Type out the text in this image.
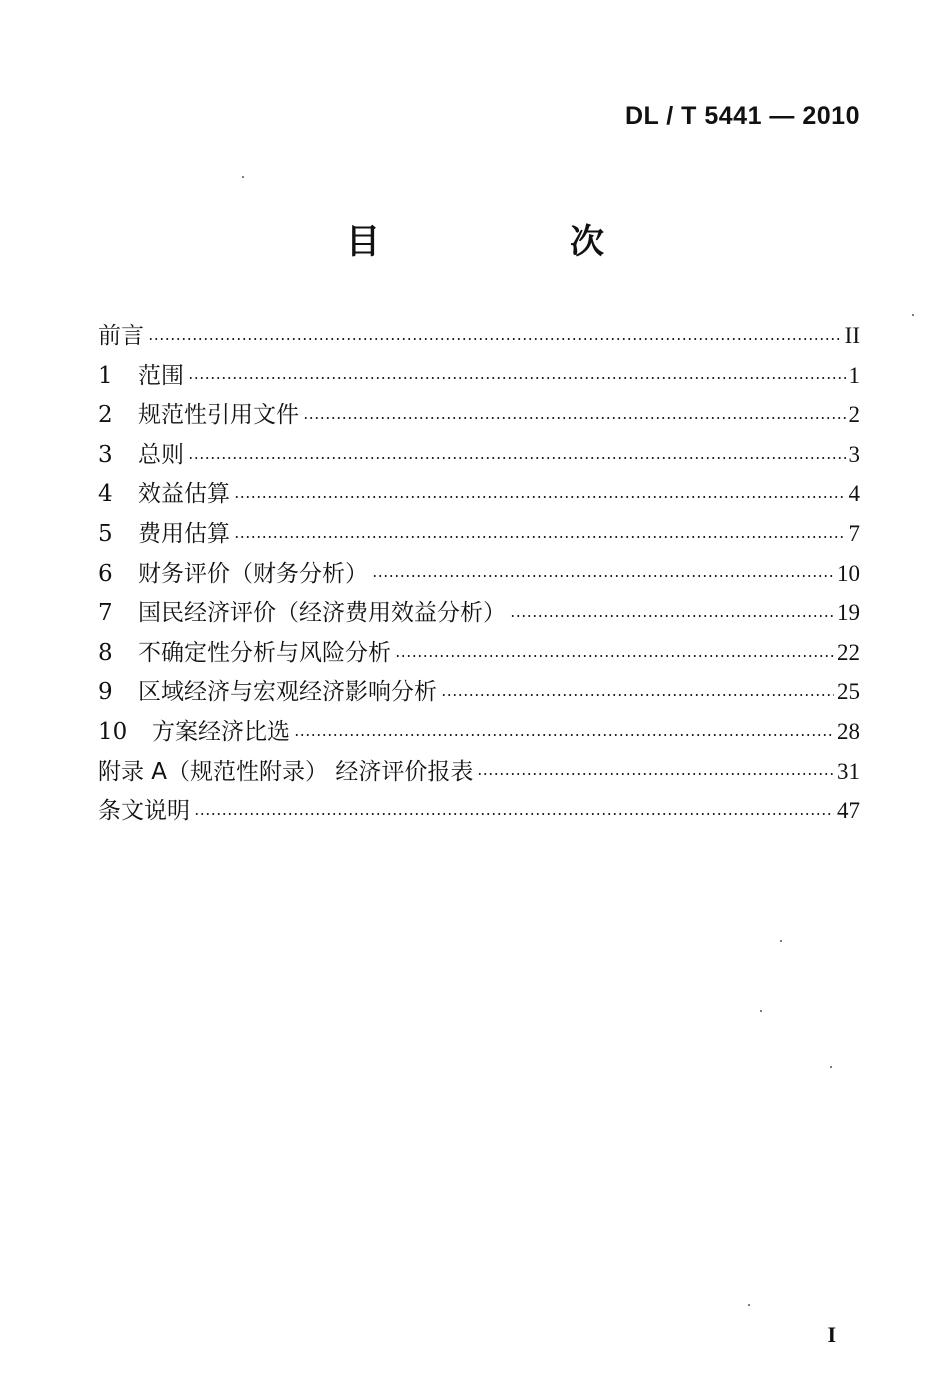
DL / T 5441 — 2010
目　次
前言	II
1	范围	1
2	规范性引用文件	2
3	总则	3
4	效益估算	4
5	费用估算	7
6	财务评价（财务分析）	10
7	国民经济评价（经济费用效益分析）	19
8	不确定性分析与风险分析	22
9	区域经济与宏观经济影响分析	25
10	方案经济比选	28
附录 A（规范性附录） 经济评价报表	31
条文说明	47
I
